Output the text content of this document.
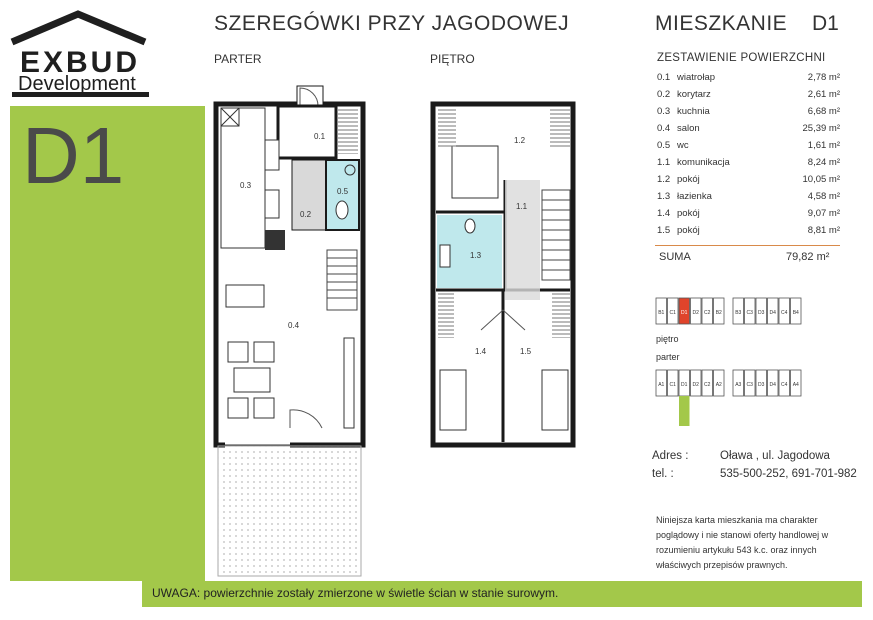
EXBUD
Development
D1
UWAGA: powierzchnie zostały zmierzone w świetle ścian w stanie surowym.
SZEREGÓWKI PRZY JAGODOWEJ
PARTER	PIĘTRO
B1 C1 D1 D2 C2 B2	B3 C3 D3 D4 C4 B4
A1 C1 D1 D2 C2 A2	A3 C3 D3 D4 C4 A4
0.1
0.2
0.3
0.4
0.5
1.1
1.2
1.3
1.4	1.5
MIESZKANIE D1
ZESTAWIENIE POWIERZCHNI
0.1 wiatrołap	2,78 m²
0.2 korytarz	2,61 m²
0.3 kuchnia	6,68 m²
0.4 salon	25,39 m²
0.5 wc	1,61 m²
1.1 komunikacja	8,24 m²
1.2 pokój	10,05 m²
1.3 łazienka	4,58 m²
1.4 pokój	9,07 m²
1.5 pokój	8,81 m²
SUMA	79,82 m²
piętro
parter
Adres :	Oława , ul. Jagodowa
tel. :	535-500-252, 691-701-982
Niniejsza karta mieszkania ma charakter poglądowy i nie stanowi oferty handlowej w rozumieniu artykułu 543 k.c. oraz innych właściwych przepisów prawnych.
